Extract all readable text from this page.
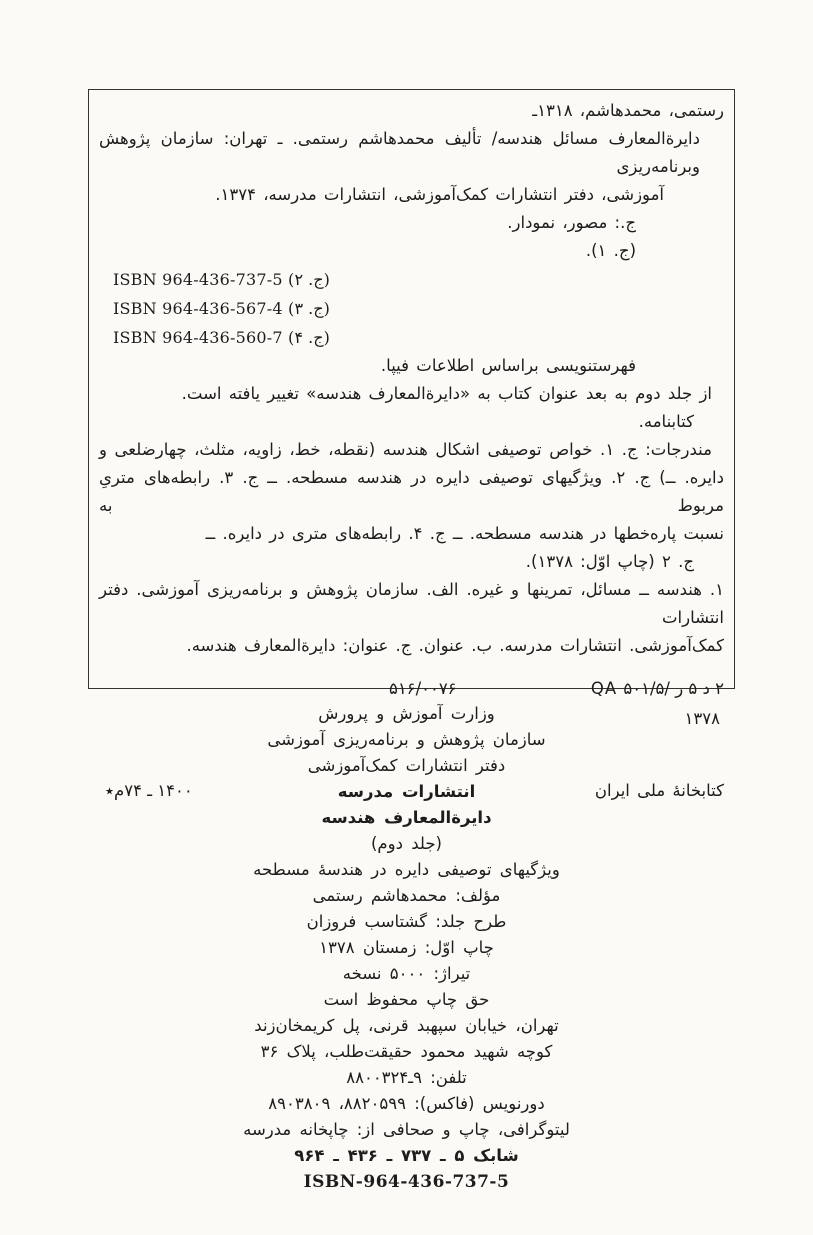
رستمی، محمدهاشم، ۱۳۱۸ـ
دايرةالمعارف مسائل هندسه/ تأليف محمدهاشم رستمی. ـ تهران: سازمان پژوهش وبرنامه‌ريزی
آموزشی، دفتر انتشارات کمک‌آموزشی، انتشارات مدرسه، ۱۳۷۴.
ج.: مصور، نمودار.
(ج. ۱).
ISBN 964-436-737-5 (ج. ۲)
ISBN 964-436-567-4 (ج. ۳)
ISBN 964-436-560-7 (ج. ۴)
فهرستنويسی براساس اطلاعات فيپا.
از جلد دوم به بعد عنوان کتاب به «دايرةالمعارف هندسه» تغيير يافته است.
کتابنامه.
مندرجات: ج. ۱. خواص توصيفی اشکال هندسه (نقطه، خط، زاويه، مثلث، چهارضلعی و
دايره. ــ) ج. ۲. ويژگيهای توصيفی دايره در هندسه مسطحه. ــ ج. ۳. رابطه‌های متریِ مربوط به
نسبت پاره‌خطها در هندسه مسطحه. ــ ج. ۴. رابطه‌های متری در دايره. ــ
ج. ۲ (چاپ اوّل: ۱۳۷۸).
۱. هندسه ــ مسائل، تمرينها و غيره. الف. سازمان پژوهش و برنامه‌ريزی آموزشی. دفتر انتشارات
کمک‌آموزشی. انتشارات مدرسه. ب. عنوان. ج. عنوان: دايرةالمعارف هندسه.
QA ۵۰۱/۵/ ر ۵ د ۲
۵۱۶/۰۰۷۶
۱۳۷۸
کتابخانهٔ ملی ايران
۱۴۰۰ ـ ۷۴م٭
وزارت آموزش و پرورش
سازمان پژوهش و برنامه‌ريزی آموزشی
دفتر انتشارات کمک‌آموزشی
انتشارات مدرسه
دايرةالمعارف هندسه
(جلد دوم)
ويژگيهای توصيفی دايره در هندسهٔ مسطحه
مؤلف: محمدهاشم رستمی
طرح جلد: گشتاسب فروزان
چاپ اوّل: زمستان ۱۳۷۸
تيراژ: ۵۰۰۰ نسخه
حق چاپ محفوظ است
تهران، خيابان سپهبد قرنی، پل کريمخان‌زند
کوچه شهيد محمود حقيقت‌طلب، پلاک ۳۶
تلفن: ۹ـ۸۸۰۰۳۲۴
دورنويس (فاکس): ۸۸۲۰۵۹۹، ۸۹۰۳۸۰۹
ليتوگرافی، چاپ و صحافی از: چاپخانه مدرسه
شابک ۵ ـ ۷۳۷ ـ ۴۳۶ ـ ۹۶۴
ISBN-964-436-737-5
